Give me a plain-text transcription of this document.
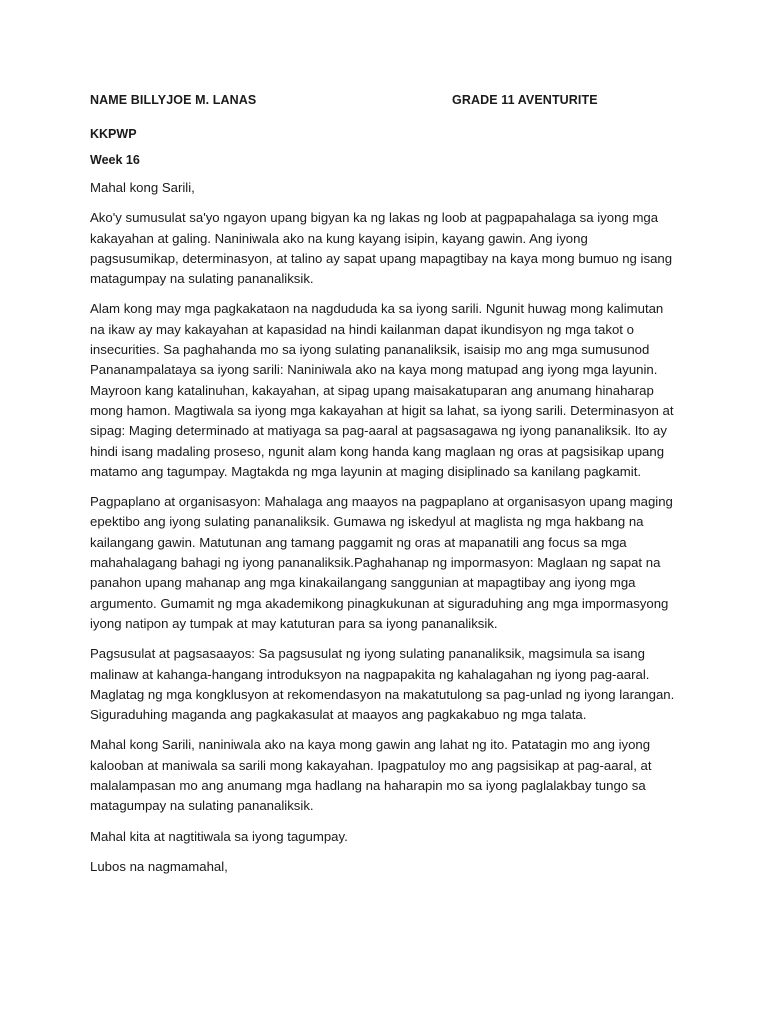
NAME BILLYJOE M. LANAS	GRADE 11 AVENTURITE
KKPWP
Week 16

Mahal kong Sarili,

Ako'y sumusulat sa'yo ngayon upang bigyan ka ng lakas ng loob at pagpapahalaga sa iyong mga kakayahan at galing. Naniniwala ako na kung kayang isipin, kayang gawin. Ang iyong pagsusumikap, determinasyon, at talino ay sapat upang mapagtibay na kaya mong bumuo ng isang matagumpay na sulating pananaliksik.

Alam kong may mga pagkakataon na nagdududa ka sa iyong sarili. Ngunit huwag mong kalimutan na ikaw ay may kakayahan at kapasidad na hindi kailanman dapat ikundisyon ng mga takot o insecurities. Sa paghahanda mo sa iyong sulating pananaliksik, isaisip mo ang mga sumusunod Pananampalataya sa iyong sarili: Naniniwala ako na kaya mong matupad ang iyong mga layunin. Mayroon kang katalinuhan, kakayahan, at sipag upang maisakatuparan ang anumang hinaharap mong hamon. Magtiwala sa iyong mga kakayahan at higit sa lahat, sa iyong sarili. Determinasyon at sipag: Maging determinado at matiyaga sa pag-aaral at pagsasagawa ng iyong pananaliksik. Ito ay hindi isang madaling proseso, ngunit alam kong handa kang maglaan ng oras at pagsisikap upang matamo ang tagumpay. Magtakda ng mga layunin at maging disiplinado sa kanilang pagkamit.

Pagpaplano at organisasyon: Mahalaga ang maayos na pagpaplano at organisasyon upang maging epektibo ang iyong sulating pananaliksik. Gumawa ng iskedyul at maglista ng mga hakbang na kailangang gawin. Matutunan ang tamang paggamit ng oras at mapanatili ang focus sa mga mahahalagang bahagi ng iyong pananaliksik.Paghahanap ng impormasyon: Maglaan ng sapat na panahon upang mahanap ang mga kinakailangang sanggunian at mapagtibay ang iyong mga argumento. Gumamit ng mga akademikong pinagkukunan at siguraduhing ang mga impormasyong iyong natipon ay tumpak at may katuturan para sa iyong pananaliksik.

Pagsusulat at pagsasaayos: Sa pagsusulat ng iyong sulating pananaliksik, magsimula sa isang malinaw at kahanga-hangang introduksyon na nagpapakita ng kahalagahan ng iyong pag-aaral. Maglatag ng mga kongklusyon at rekomendasyon na makatutulong sa pag-unlad ng iyong larangan. Siguraduhing maganda ang pagkakasulat at maayos ang pagkakabuo ng mga talata.

Mahal kong Sarili, naniniwala ako na kaya mong gawin ang lahat ng ito. Patatagin mo ang iyong kalooban at maniwala sa sarili mong kakayahan. Ipagpatuloy mo ang pagsisikap at pag-aaral, at malalampasan mo ang anumang mga hadlang na haharapin mo sa iyong paglalakbay tungo sa matagumpay na sulating pananaliksik.

Mahal kita at nagtitiwala sa iyong tagumpay.

Lubos na nagmamahal,
